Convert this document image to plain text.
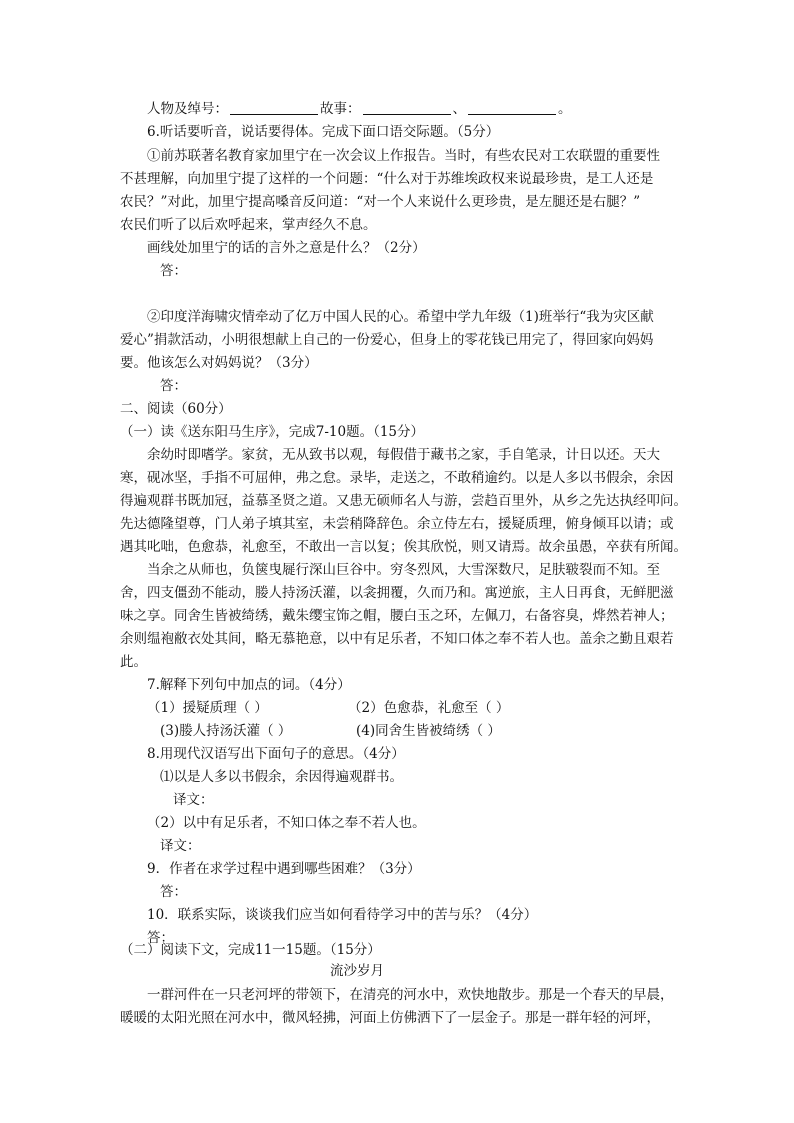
人物及绰号：	故事：	、	。
6.听话要听音，说话要得体。完成下面口语交际题。（5分）
①前苏联著名教育家加里宁在一次会议上作报告。当时，有些农民对工农联盟的重要性
不甚理解，向加里宁提了这样的一个问题：“什么对于苏维埃政权来说最珍贵，是工人还是
农民？”对此，加里宁提高嗓音反问道：“对一个人来说什么更珍贵，是左腿还是右腿？”
农民们听了以后欢呼起来，掌声经久不息。
画线处加里宁的话的言外之意是什么？（2分）
答：
②印度洋海啸灾情牵动了亿万中国人民的心。希望中学九年级（1)班举行“我为灾区献
爱心”捐款活动，小明很想献上自己的一份爱心，但身上的零花钱已用完了，得回家向妈妈
要。他该怎么对妈妈说？（3分）
答：
二、阅读（60分）
（一）读《送东阳马生序》，完成7-10题。（15分）
余幼时即嗜学。家贫，无从致书以观，每假借于藏书之家，手自笔录，计日以还。天大
寒，砚冰坚，手指不可屈伸，弗之怠。录毕，走送之，不敢稍逾约。以是人多以书假余，余因
得遍观群书既加冠，益慕圣贤之道。又患无硕师名人与游，尝趋百里外，从乡之先达执经叩问。
先达德隆望尊，门人弟子填其室，未尝稍降辞色。余立侍左右，援疑质理，俯身倾耳以请；或
遇其叱咄，色愈恭，礼愈至，不敢出一言以复；俟其欣悦，则又请焉。故余虽愚，卒获有所闻。
当余之从师也，负箧曳屣行深山巨谷中。穷冬烈风，大雪深数尺，足肤皲裂而不知。至
舍，四支僵劲不能动，媵人持汤沃灌，以衾拥覆，久而乃和。寓逆旅，主人日再食，无鲜肥滋
味之享。同舍生皆被绮绣，戴朱缨宝饰之帽，腰白玉之环，左佩刀，右备容臭，烨然若神人；
余则缊袍敝衣处其间，略无慕艳意，以中有足乐者，不知口体之奉不若人也。盖余之勤且艰若
此。
7.解释下列句中加点的词。（4分）
（1）援疑质理（ ）	（2）色愈恭，礼愈至（ ）
(3)媵人持汤沃灌（ ）	(4)同舍生皆被绮绣（ ）
8.用现代汉语写出下面句子的意思。（4分）
⑴以是人多以书假余，余因得遍观群书。
译文：
（2）以中有足乐者，不知口体之奉不若人也。
译文：
9．作者在求学过程中遇到哪些困难？（3分）
答：
10．联系实际，谈谈我们应当如何看待学习中的苦与乐？（4分）
答：
（二）阅读下文，完成11一15题。（15分）
流沙岁月
一群河件在一只老河坪的带领下，在清亮的河水中，欢快地散步。那是一个春天的早晨，
暖暖的太阳光照在河水中，微风轻拂，河面上仿佛洒下了一层金子。那是一群年轻的河坪，
